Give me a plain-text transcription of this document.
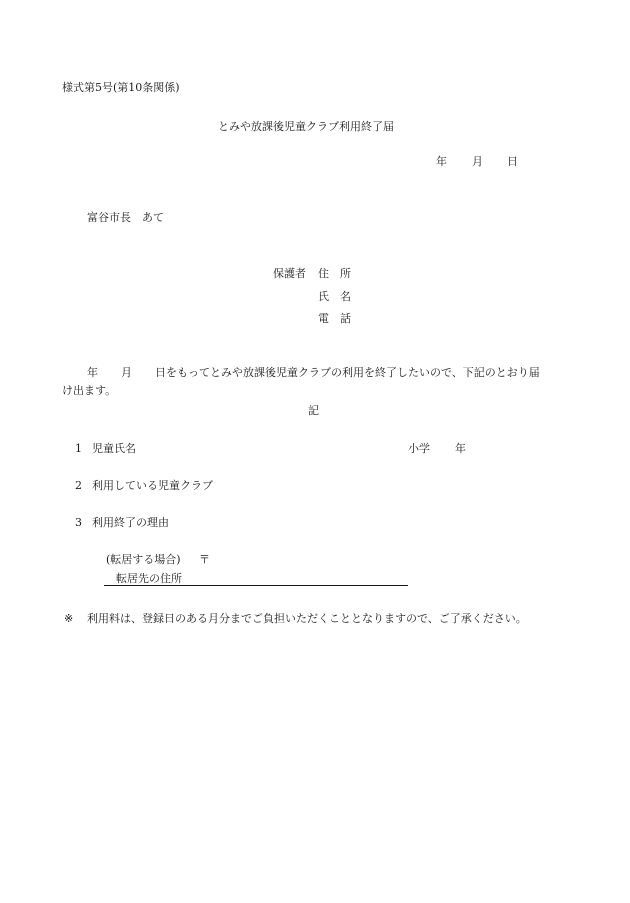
様式第5号(第10条関係)
とみや放課後児童クラブ利用終了届
年 月 日
富谷市長　あて
保護者 住　所
氏　名
電　話
年 月 日をもってとみや放課後児童クラブの利用を終了したいので、下記のとおり届
け出ます。
記
1 児童氏名	小学 年
2 利用している児童クラブ
3 利用終了の理由
(転居する場合) 〒
転居先の住所
※ 利用料は、登録日のある月分までご負担いただくこととなりますので、ご了承ください。
